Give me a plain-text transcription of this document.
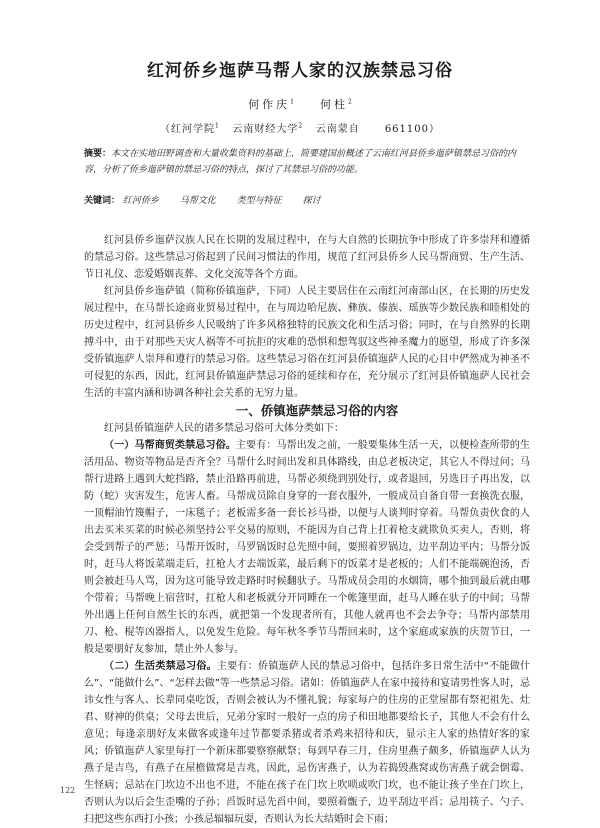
红河侨乡迤萨马帮人家的汉族禁忌习俗
何作庆$^1$ 何柱$^2$
（红河学院$^1$ 云南财经大学$^2$ 云南蒙自	661100）
摘要：本文在实地田野调查和大量收集资料的基础上，简要建国前概述了云南红河县侨乡迤萨镇禁忌习俗的内容，分析了侨乡迤萨镇的禁忌习俗的特点，探讨了其禁忌习俗的功能。
关键词： 红河侨乡 马帮文化 类型与特征 探讨

红河县侨乡迤萨汉族人民在长期的发展过程中，在与大自然的长期抗争中形成了许多崇拜和遵循的禁忌习俗。这些禁忌习俗起到了民间习惯法的作用，规范了红河县侨乡人民马帮商贸、生产生活、节日礼仪、恋爱婚姻丧葬、文化交流等各个方面。

红河县侨乡迤萨镇（简称侨镇迤萨，下同）人民主要居住在云南红河南部山区，在长期的历史发展过程中，在马帮长途商业贸易过程中，在与周边哈尼族、彝族、傣族、瑶族等少数民族和睦相处的历史过程中，红河县侨乡人民吸纳了许多风格独特的民族文化和生活习俗；同时，在与自然界的长期搏斗中，由于对那些天灾人祸等不可抗拒的灾难的恐惧和想驾驭这些神圣魔力的愿望，形成了许多深受侨镇迤萨人崇拜和遵行的禁忌习俗。这些禁忌习俗在红河县侨镇迤萨人民的心目中俨然成为神圣不可侵犯的东西，因此，红河县侨镇迤萨禁忌习俗的延续和存在，充分展示了红河县侨镇迤萨人民社会生活的丰富内涵和协调各种社会关系的无穷力量。

一、侨镇迤萨禁忌习俗的内容

红河县侨镇迤萨人民的诸多禁忌习俗可大体分类如下：

（一）马帮商贸类禁忌习俗。主要有：马帮出发之前，一般要集体生活一天，以便检查所带的生活用品、物资等物品是否齐全？马帮什么时间出发和具体路线，由总老板决定，其它人不得过问；马帮行进路上遇到大蛇挡路，禁止沿路再前进，马帮必须绕到别处行，或者退回，另选日子再出发，以防（蛇）灾害发生，危害人畜。马帮成员除自身穿的一套衣服外，一般成员自备自带一套换洗衣服，一顶帽油竹篾帽子，一床毯子；老板需多备一套长衫马褂，以便与人谈判时穿着。马帮负责伙食的人出去买米买菜的时候必须坚持公平交易的原则，不能因为自己背上扛着枪支就欺负买卖人，否则，将会受到帮子的严惩；马帮开饭时，马罗锅饭时总先照中间，要照着罗锅边，边平刮边平内；马帮分饭时，赶马人将饭菜端走后，扛枪人才去端饭菜，最后剩下的饭菜才是老板的；人们不能端碗泡汤，否则会被赶马人骂，因为这可能导致走路时时候翻驮子。马帮成员会用的水烟筒，哪个抽到最后就由哪个带着；马帮晚上宿营时，扛枪人和老板就分开同睡在一个帐篷里面，赶马人睡在驮子的中间；马帮外出遇上任何自然生长的东西，就把第一个发现者所有，其他人就再也不会去争夺；马帮内部禁用刀、枪、棍等凶器指人，以免发生危险。每年秋冬季节马帮回来时，这个家庭或家族的庆贺节日，一般是要朋好友参加，禁止外人参与。

（二）生活类禁忌习俗。主要有：侨镇迤萨人民的禁忌习俗中，包括许多日常生活中“不能做什么”、“能做什么”、“怎样去做”等一些禁忌习俗。诸如：侨镇迤萨人在家中接待和宴请男性客人时，忌讳女性与客人、长辈同桌吃饭，否则会被认为不懂礼貌；每家每户的住房的正堂屋都有祭祀祖先、灶君、财神的供桌；父母去世后，兄弟分家时一般好一点的房子和田地都要给长子，其他人不会有什么意见；每逢亲朋好友来做客或逢年过节都要杀猪或者杀鸡来招待和庆，显示主人家的热情好客的家风；侨镇迤萨人家里每打一个新床都要察察献祭；每到早春三月，住房里燕子颇多，侨镇迤萨人认为燕子是吉鸟，有燕子在屋檐做窝是吉兆，因此，忌伤害燕子，认为若捣毁燕窝或伤害燕子就会倒霉、生怪病；忌站在门坎边不出也不进，不能在孩子在门坎上吹唢或吹门坎，也不能让孩子坐在门坎上，否则认为以后会生歪嘴的子孙；舀饭时忌先舀中间，要照着甑子，边平刮边平舀；忌用筷子、勺子、扫把这些东西打小孩；小孩忌辐辐玩耍，否则认为长大结婚时会下雨；

122
